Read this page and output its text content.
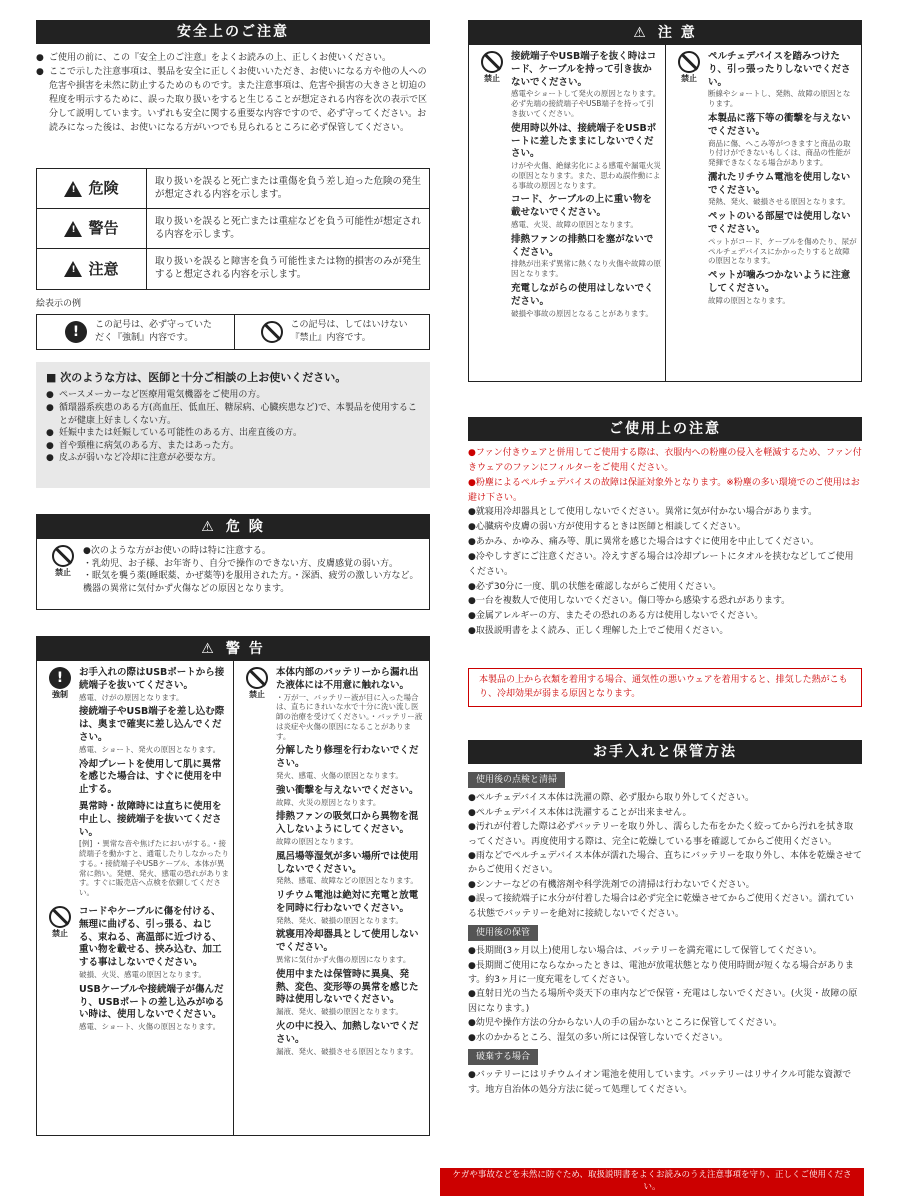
安全上のご注意
● ご使用の前に、この『安全上のご注意』をよくお読みの上、正しくお使いください。
● ここで示した注意事項は、製品を安全に正しくお使いいただき、お使いになる方や他の人への危害や損害を未然に防止するためのものです。また注意事項は、危害や損害の大きさと切迫の程度を明示するために、誤った取り扱いをすると生じることが想定される内容を次の表示で区分して説明しています。いずれも安全に関する重要な内容ですので、必ず守ってください。お読みになった後は、お使いになる方がいつでも見られるところに必ず保管してください。
!
危険	取り扱いを誤ると死亡または重傷を負う差し迫った危険の発生が想定される内容を示します。
!
警告	取り扱いを誤ると死亡または重症などを負う可能性が想定される内容を示します。
!
注意	取り扱いを誤ると障害を負う可能性または物的損害のみが発生すると想定される内容を示します。
絵表示の例
!	この記号は、必ず守っていただく『強制』内容です。
この記号は、してはいけない『禁止』内容です。
■ 次のような方は、医師と十分ご相談の上お使いください。
● ペースメーカーなど医療用電気機器をご使用の方。
● 循環器系疾患のある方(高血圧、低血圧、糖尿病、心臓疾患など)で、本製品を使用することが健康上好ましくない方。
● 妊娠中または妊娠している可能性のある方、出産直後の方。
● 首や頸椎に病気のある方、またはあった方。
● 皮ふが弱いなど冷却に注意が必要な方。
⚠ 危 険
禁止
●次のような方がお使いの時は特に注意する。
・乳幼児、お子様、お年寄り、自分で操作のできない方、皮膚感覚の弱い方。
・眠気を襲う薬(睡眠薬、かぜ薬等)を服用された方。・深酒、疲労の激しい方など。機器の異常に気付かず火傷などの原因となります。
⚠ 警 告
!
強制
お手入れの際はUSBポートから接続端子を抜いてください。
感電、けがの原因となります。
接続端子やUSB端子を差し込む際は、奥まで確実に差し込んでください。
感電、ショート、発火の原因となります。
冷却プレートを使用して肌に異常を感じた場合は、すぐに使用を中止する。
異常時・故障時には直ちに使用を中止し、接続端子を抜いてください。
[例] ・異常な音や焦げたにおいがする。・接続端子を動かすと、通電したりしなかったりする。・接続端子やUSBケーブル、本体が異常に熱い。発煙、発火、感電の恐れがあります。すぐに販売店へ点検を依頼してください。
禁止
コードやケーブルに傷を付ける、無理に曲げる、引っ張る、ねじる、束ねる、高温部に近づける、重い物を載せる、挟み込む、加工する事はしないでください。
破損、火災、感電の原因となります。
USBケーブルや接続端子が傷んだり、USBポートの差し込みがゆるい時は、使用しないでください。
感電、ショート、火傷の原因となります。
禁止
本体内部のバッテリーから漏れ出た液体には不用意に触れない。
・万が一、バッテリー液が目に入った場合は、直ちにきれいな水で十分に洗い流し医師の治療を受けてください。・バッテリー液は炎症や火傷の原因になることがあります。
分解したり修理を行わないでください。
発火、感電、火傷の原因となります。
強い衝撃を与えないでください。
故障、火災の原因となります。
排熱ファンの吸気口から異物を混入しないようにしてください。
故障の原因となります。
風呂場等湿気が多い場所では使用しないでください。
発熱、感電、故障などの原因となります。
リチウム電池は絶対に充電と放電を同時に行わないでください。
発熱、発火、破損の原因となります。
就寝用冷却器具として使用しないでください。
異常に気付かず火傷の原因になります。
使用中または保管時に異臭、発熱、変色、変形等の異常を感じた時は使用しないでください。
漏液、発火、破損の原因となります。
火の中に投入、加熱しないでください。
漏液、発火、破損させる原因となります。
⚠ 注 意
禁止
接続端子やUSB端子を抜く時はコード、ケーブルを持って引き抜かないでください。
感電やショートして発火の原因となります。必ず先端の接続端子やUSB端子を持って引き抜いてください。
使用時以外は、接続端子をUSBポートに差したままにしないでください。
けがや火傷、絶縁劣化による感電や漏電火災の原因となります。また、思わぬ誤作動による事故の原因となります。
コード、ケーブルの上に重い物を載せないでください。
感電、火災、故障の原因となります。
排熱ファンの排熱口を塞がないでください。
排熱が出来ず異常に熱くなり火傷や故障の原因となります。
充電しながらの使用はしないでください。
破損や事故の原因となることがあります。
禁止
ペルチェデバイスを踏みつけたり、引っ張ったりしないでください。
断線やショートし、発熱、故障の原因となります。
本製品に落下等の衝撃を与えないでください。
商品に傷、へこみ等がつきますと商品の取り付けができないもしくは、商品の性能が発揮できなくなる場合があります。
濡れたリチウム電池を使用しないでください。
発熱、発火、破損させる原因となります。
ペットのいる部屋では使用しないでください。
ペットがコード、ケーブルを傷めたり、尿がペルチェデバイスにかかったりすると故障の原因となります。
ペットが噛みつかないように注意してください。
故障の原因となります。
ご使用上の注意
●ファン付きウェアと併用してご使用する際は、衣服内への粉塵の侵入を軽減するため、ファン付きウェアのファンにフィルターをご使用ください。
●粉塵によるペルチェデバイスの故障は保証対象外となります。※粉塵の多い環境でのご使用はお避け下さい。
●就寝用冷却器具として使用しないでください。異常に気が付かない場合があります。
●心臓病や皮膚の弱い方が使用するときは医師と相談してください。
●あかみ、かゆみ、痛み等、肌に異常を感じた場合はすぐに使用を中止してください。
●冷やしすぎにご注意ください。冷えすぎる場合は冷却プレートにタオルを挟むなどしてご使用ください。
●必ず30分に一度、肌の状態を確認しながらご使用ください。
●一台を複数人で使用しないでください。傷口等から感染する恐れがあります。
●金属アレルギーの方、またその恐れのある方は使用しないでください。
●取扱説明書をよく読み、正しく理解した上でご使用ください。
本製品の上から衣類を着用する場合、通気性の悪いウェアを着用すると、排気した熱がこもり、冷却効果が弱まる原因となります。
お手入れと保管方法
使用後の点検と清掃
●ペルチェデバイス本体は洗濯の際、必ず服から取り外してください。
●ペルチェデバイス本体は洗濯することが出来ません。
●汚れが付着した際は必ずバッテリーを取り外し、濡らした布をかたく絞ってから汚れを拭き取ってください。再度使用する際は、完全に乾燥している事を確認してからご使用ください。
●雨などでペルチェデバイス本体が濡れた場合、直ちにバッテリーを取り外し、本体を乾燥させてからご使用ください。
●シンナーなどの有機溶剤や科学洗剤での清掃は行わないでください。
●誤って接続端子に水分が付着した場合は必ず完全に乾燥させてからご使用ください。濡れている状態でバッテリーを絶対に接続しないでください。
使用後の保管
●長期間(3ヶ月以上)使用しない場合は、バッテリーを満充電にして保管してください。
●長期間ご使用にならなかったときは、電池が放電状態となり使用時間が短くなる場合があります。約3ヶ月に一度充電をしてください。
●直射日光の当たる場所や炎天下の車内などで保管・充電はしないでください。(火災・故障の原因になります。)
●幼児や操作方法の分からない人の手の届かないところに保管してください。
●水のかかるところ、湿気の多い所には保管しないでください。
破棄する場合
●バッテリーにはリチウムイオン電池を使用しています。バッテリーはリサイクル可能な資源です。地方自治体の処分方法に従って処理してください。
ケガや事故などを未然に防ぐため、取扱説明書をよくお読みのうえ注意事項を守り、正しくご使用ください。
